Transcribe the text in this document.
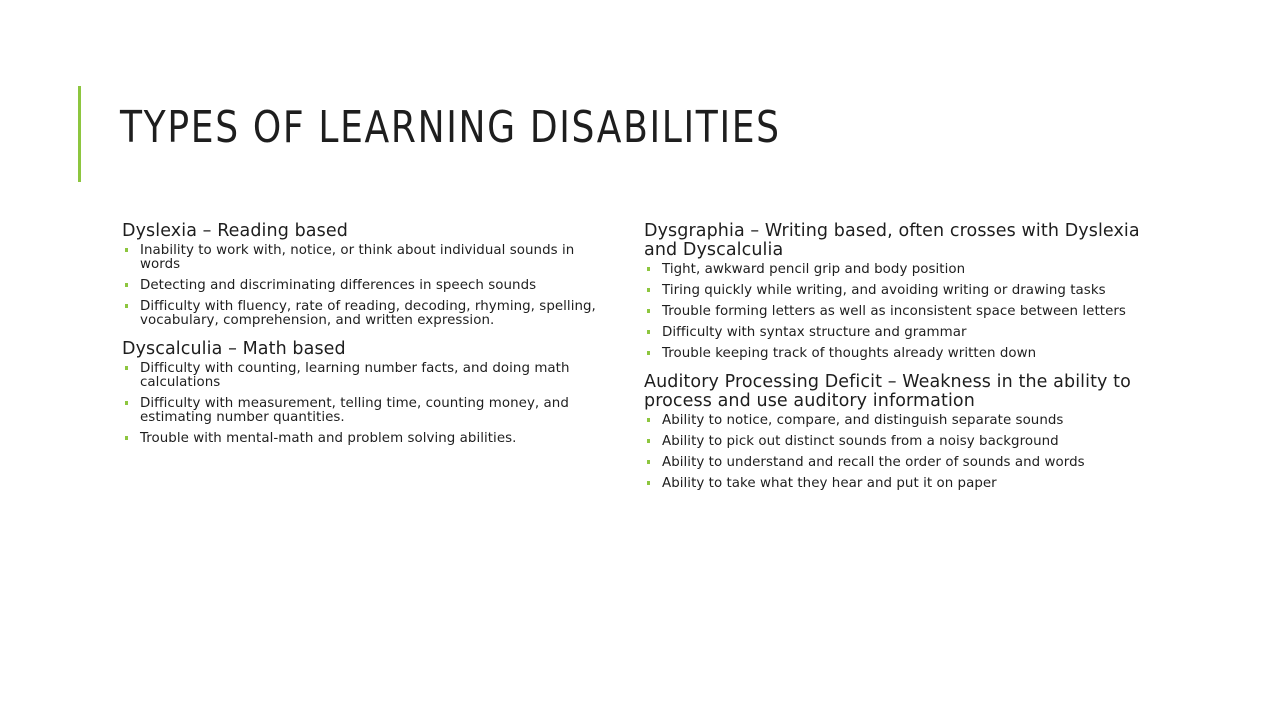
TYPES OF LEARNING DISABILITIES
Dyslexia – Reading based
Inability to work with, notice, or think about individual sounds in words
Detecting and discriminating differences in speech sounds
Difficulty with fluency, rate of reading, decoding, rhyming, spelling, vocabulary, comprehension, and written expression.
Dyscalculia – Math based
Difficulty with counting, learning number facts, and doing math calculations
Difficulty with measurement, telling time, counting money, and estimating number quantities.
Trouble with mental-math and problem solving abilities.
Dysgraphia – Writing based, often crosses with Dyslexia and Dyscalculia
Tight, awkward pencil grip and body position
Tiring quickly while writing, and avoiding writing or drawing tasks
Trouble forming letters as well as inconsistent space between letters
Difficulty with syntax structure and grammar
Trouble keeping track of thoughts already written down
Auditory Processing Deficit – Weakness in the ability to process and use auditory information
Ability to notice, compare, and distinguish separate sounds
Ability to pick out distinct sounds from a noisy background
Ability to understand and recall the order of sounds and words
Ability to take what they hear and put it on paper
